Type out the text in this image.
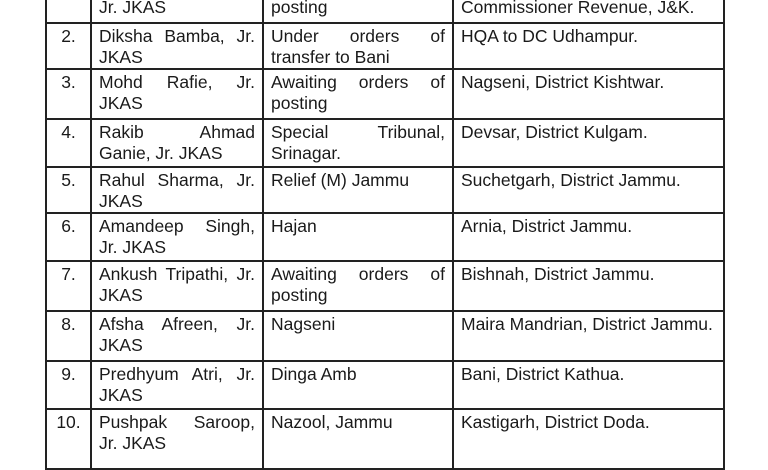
	Jr. JKAS	posting	Commissioner Revenue, J&K.
2.	Diksha Bamba, Jr. JKAS	Under orders of transfer to Bani	HQA to DC Udhampur.
3.	Mohd Rafie, Jr. JKAS	Awaiting orders of posting	Nagseni, District Kishtwar.
4.	Rakib Ahmad Ganie, Jr. JKAS	Special Tribunal, Srinagar.	Devsar, District Kulgam.
5.	Rahul Sharma, Jr. JKAS	Relief (M) Jammu	Suchetgarh, District Jammu.
6.	Amandeep Singh, Jr. JKAS	Hajan	Arnia, District Jammu.
7.	Ankush Tripathi, Jr. JKAS	Awaiting orders of posting	Bishnah, District Jammu.
8.	Afsha Afreen, Jr. JKAS	Nagseni	Maira Mandrian, District Jammu.
9.	Predhyum Atri, Jr. JKAS	Dinga Amb	Bani, District Kathua.
10.	Pushpak Saroop, Jr. JKAS	Nazool, Jammu	Kastigarh, District Doda.
